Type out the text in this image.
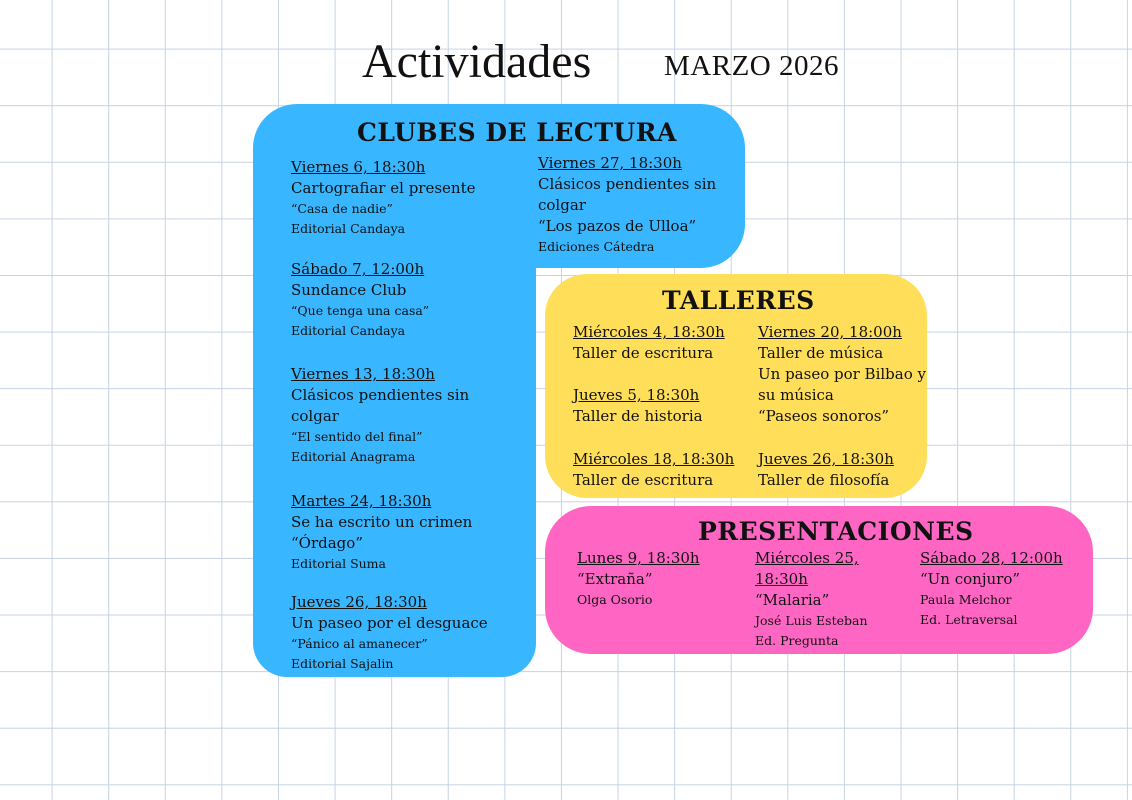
Actividades	MARZO 2026
CLUBES DE LECTURA
Viernes 6, 18:30h
Cartografiar el presente
“Casa de nadie”
Editorial Candaya
Sábado 7, 12:00h
Sundance Club
“Que tenga una casa”
Editorial Candaya
Viernes 13, 18:30h
Clásicos pendientes sin
colgar
“El sentido del final”
Editorial Anagrama
Martes 24, 18:30h
Se ha escrito un crimen
“Órdago”
Editorial Suma
Jueves 26, 18:30h
Un paseo por el desguace
“Pánico al amanecer”
Editorial Sajalin
Viernes 27, 18:30h
Clásicos pendientes sin
colgar
“Los pazos de Ulloa”
Ediciones Cátedra
TALLERES
Miércoles 4, 18:30h
Taller de escritura
Jueves 5, 18:30h
Taller de historia
Miércoles 18, 18:30h
Taller de escritura
Viernes 20, 18:00h
Taller de música
Un paseo por Bilbao y
su música
“Paseos sonoros”
Jueves 26, 18:30h
Taller de filosofía
PRESENTACIONES
Lunes 9, 18:30h
“Extraña”
Olga Osorio
Miércoles 25,
18:30h
“Malaria”
José Luis Esteban
Ed. Pregunta
Sábado 28, 12:00h
“Un conjuro”
Paula Melchor
Ed. Letraversal
